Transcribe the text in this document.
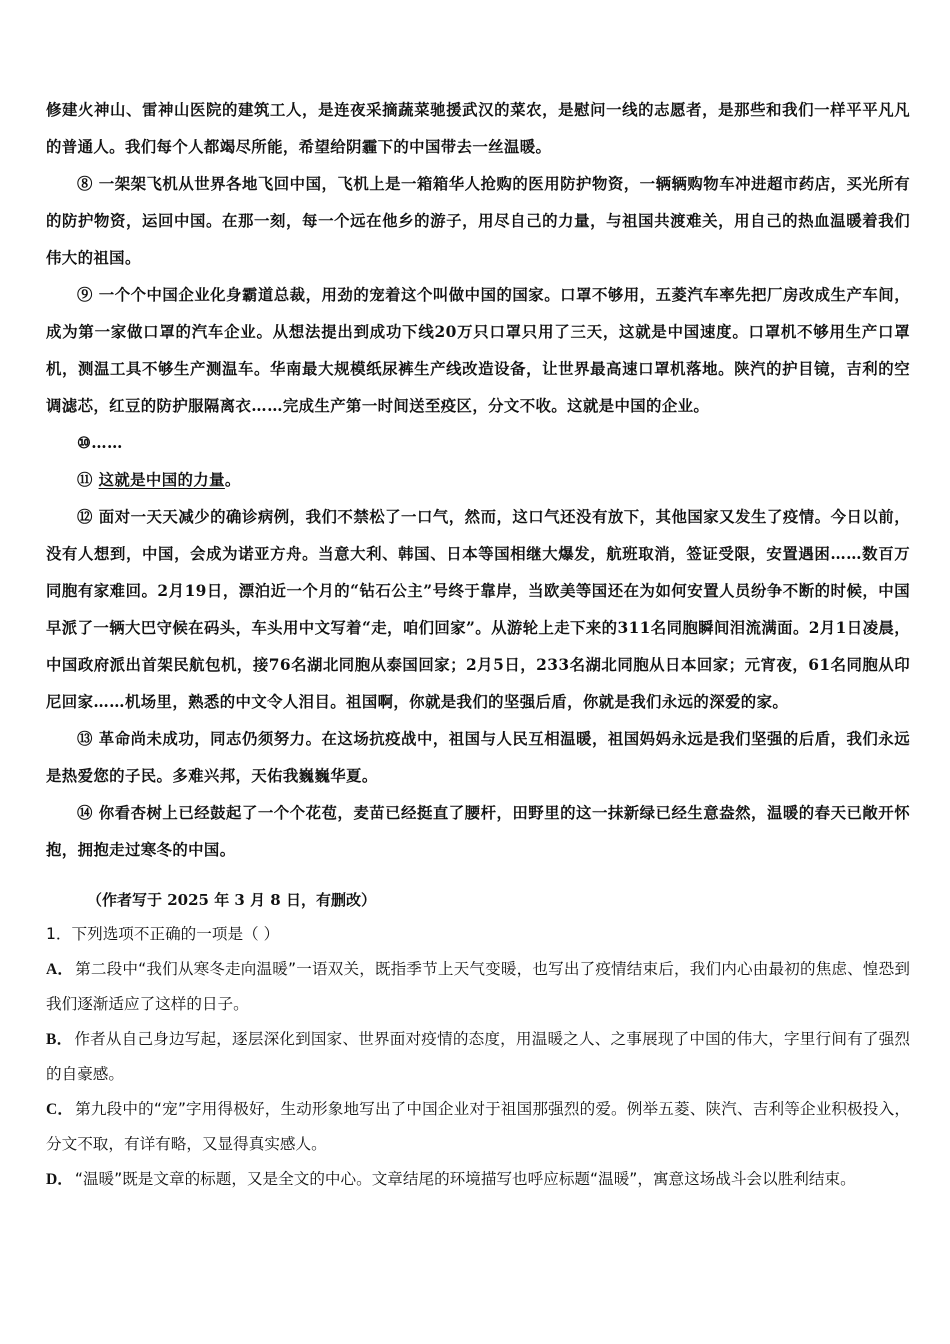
修建火神山、雷神山医院的建筑工人，是连夜采摘蔬菜驰援武汉的菜农，是慰问一线的志愿者，是那些和我们一样平平凡凡的普通人。我们每个人都竭尽所能，希望给阴霾下的中国带去一丝温暖。

⑧ 一架架飞机从世界各地飞回中国，飞机上是一箱箱华人抢购的医用防护物资，一辆辆购物车冲进超市药店，买光所有的防护物资，运回中国。在那一刻，每一个远在他乡的游子，用尽自己的力量，与祖国共渡难关，用自己的热血温暖着我们伟大的祖国。

⑨ 一个个中国企业化身霸道总裁，用劲的宠着这个叫做中国的国家。口罩不够用，五菱汽车率先把厂房改成生产车间，成为第一家做口罩的汽车企业。从想法提出到成功下线20万只口罩只用了三天，这就是中国速度。口罩机不够用生产口罩机，测温工具不够生产测温车。华南最大规模纸尿裤生产线改造设备，让世界最高速口罩机落地。陕汽的护目镜，吉利的空调滤芯，红豆的防护服隔离衣……完成生产第一时间送至疫区，分文不收。这就是中国的企业。

⑩……

⑪ 这就是中国的力量。

⑫ 面对一天天减少的确诊病例，我们不禁松了一口气，然而，这口气还没有放下，其他国家又发生了疫情。今日以前，没有人想到，中国，会成为诺亚方舟。当意大利、韩国、日本等国相继大爆发，航班取消，签证受限，安置遇困……数百万同胞有家难回。2月19日，漂泊近一个月的“钻石公主”号终于靠岸，当欧美等国还在为如何安置人员纷争不断的时候，中国早派了一辆大巴守候在码头，车头用中文写着“走，咱们回家”。从游轮上走下来的311名同胞瞬间泪流满面。2月1日凌晨，中国政府派出首架民航包机，接76名湖北同胞从泰国回家；2月5日，233名湖北同胞从日本回家；元宵夜，61名同胞从印尼回家……机场里，熟悉的中文令人泪目。祖国啊，你就是我们的坚强后盾，你就是我们永远的深爱的家。

⑬ 革命尚未成功，同志仍须努力。在这场抗疫战中，祖国与人民互相温暖，祖国妈妈永远是我们坚强的后盾，我们永远是热爱您的子民。多难兴邦，天佑我巍巍华夏。

⑭ 你看杏树上已经鼓起了一个个花苞，麦苗已经挺直了腰杆，田野里的这一抹新绿已经生意盎然，温暖的春天已敞开怀抱，拥抱走过寒冬的中国。

（作者写于 2025 年 3 月 8 日，有删改）

1．下列选项不正确的一项是（ ）

A． 第二段中“我们从寒冬走向温暖”一语双关，既指季节上天气变暖，也写出了疫情结束后，我们内心由最初的焦虑、惶恐到我们逐渐适应了这样的日子。

B． 作者从自己身边写起，逐层深化到国家、世界面对疫情的态度，用温暖之人、之事展现了中国的伟大，字里行间有了强烈的自豪感。

C． 第九段中的“宠”字用得极好，生动形象地写出了中国企业对于祖国那强烈的爱。例举五菱、陕汽、吉利等企业积极投入，分文不取，有详有略，又显得真实感人。

D． “温暖”既是文章的标题，又是全文的中心。文章结尾的环境描写也呼应标题“温暖”，寓意这场战斗会以胜利结束。
